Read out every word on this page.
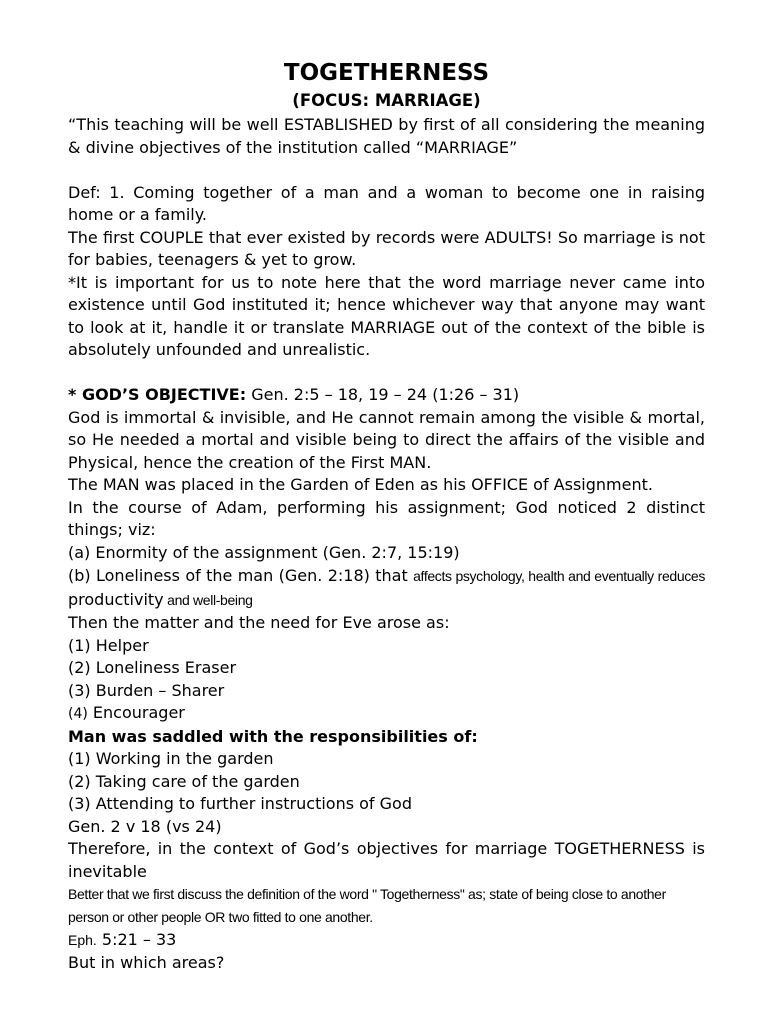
TOGETHERNESS
(FOCUS: MARRIAGE)

“This teaching will be well ESTABLISHED by first of all considering the meaning & divine objectives of the institution called “MARRIAGE”

Def: 1. Coming together of a man and a woman to become one in raising home or a family.

The first COUPLE that ever existed by records were ADULTS! So marriage is not for babies, teenagers & yet to grow.

*It is important for us to note here that the word marriage never came into existence until God instituted it; hence whichever way that anyone may want to look at it, handle it or translate MARRIAGE out of the context of the bible is absolutely unfounded and unrealistic.

* GOD’S OBJECTIVE: Gen. 2:5 – 18, 19 – 24 (1:26 – 31)

God is immortal & invisible, and He cannot remain among the visible & mortal, so He needed a mortal and visible being to direct the affairs of the visible and Physical, hence the creation of the First MAN.

The MAN was placed in the Garden of Eden as his OFFICE of Assignment.

In the course of Adam, performing his assignment; God noticed 2 distinct things; viz:

(a) Enormity of the assignment (Gen. 2:7, 15:19)

(b) Loneliness of the man (Gen. 2:18) that affects psychology, health and eventually reduces productivity and well-being

Then the matter and the need for Eve arose as:

(1) Helper

(2) Loneliness Eraser

(3) Burden – Sharer

(4) Encourager

Man was saddled with the responsibilities of:

(1) Working in the garden

(2) Taking care of the garden

(3) Attending to further instructions of God

Gen. 2 v 18 (vs 24)

Therefore, in the context of God’s objectives for marriage TOGETHERNESS is inevitable

Better that we first discuss the definition of the word " Togetherness" as; state of being close to another person or other people OR two fitted to one another.

Eph. 5:21 – 33

But in which areas?
